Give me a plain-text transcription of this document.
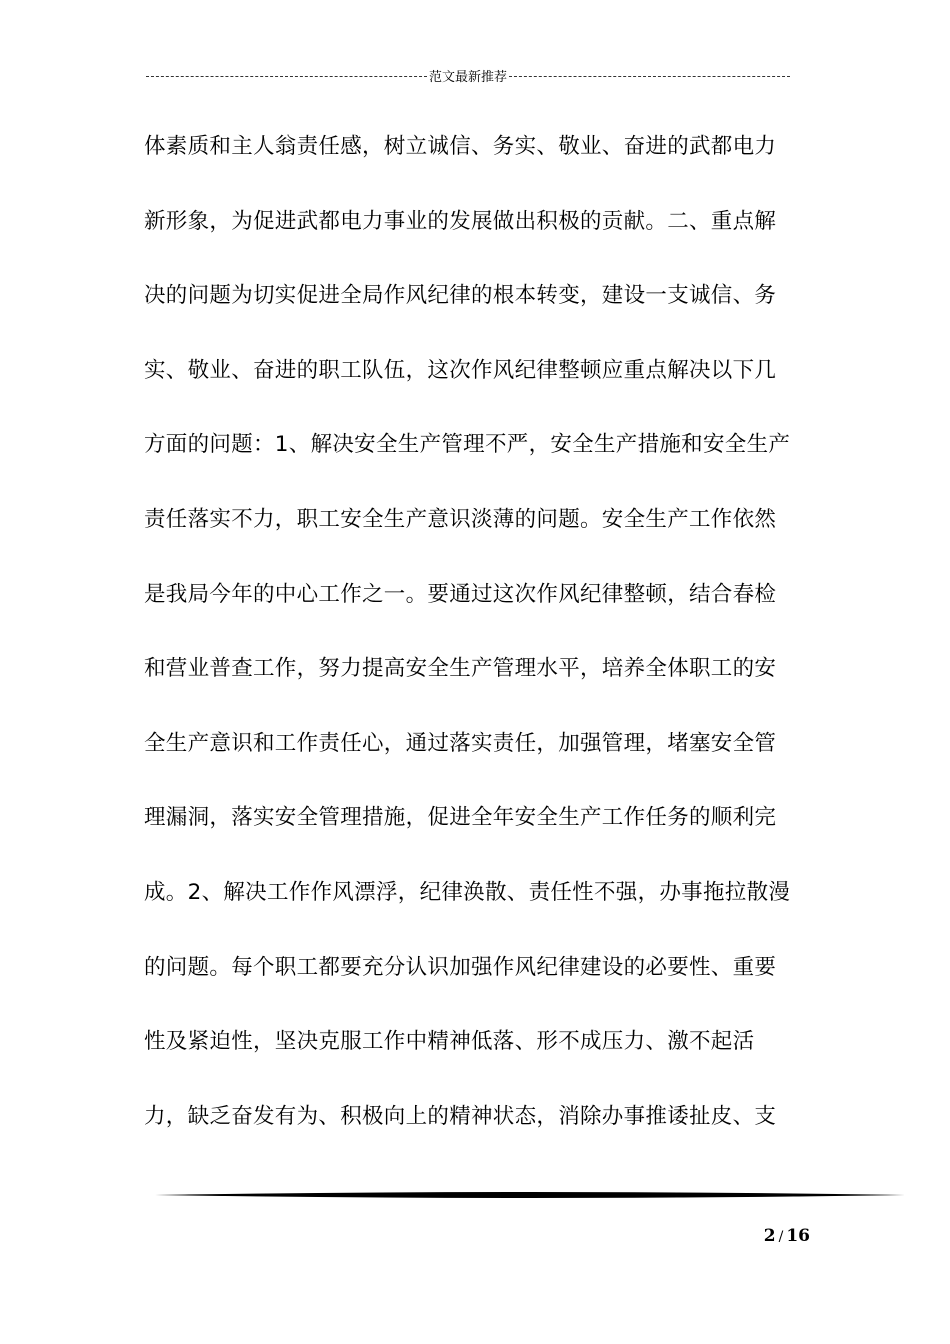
范文最新推荐
体素质和主人翁责任感，树立诚信、务实、敬业、奋进的武都电力
新形象，为促进武都电力事业的发展做出积极的贡献。二、重点解
决的问题为切实促进全局作风纪律的根本转变，建设一支诚信、务
实、敬业、奋进的职工队伍，这次作风纪律整顿应重点解决以下几
方面的问题：1、解决安全生产管理不严，安全生产措施和安全生产
责任落实不力，职工安全生产意识淡薄的问题。安全生产工作依然
是我局今年的中心工作之一。要通过这次作风纪律整顿，结合春检
和营业普查工作，努力提高安全生产管理水平，培养全体职工的安
全生产意识和工作责任心，通过落实责任，加强管理，堵塞安全管
理漏洞，落实安全管理措施，促进全年安全生产工作任务的顺利完
成。2、解决工作作风漂浮，纪律涣散、责任性不强，办事拖拉散漫
的问题。每个职工都要充分认识加强作风纪律建设的必要性、重要
性及紧迫性，坚决克服工作中精神低落、形不成压力、激不起活
力，缺乏奋发有为、积极向上的精神状态，消除办事推诿扯皮、支
2 / 16
